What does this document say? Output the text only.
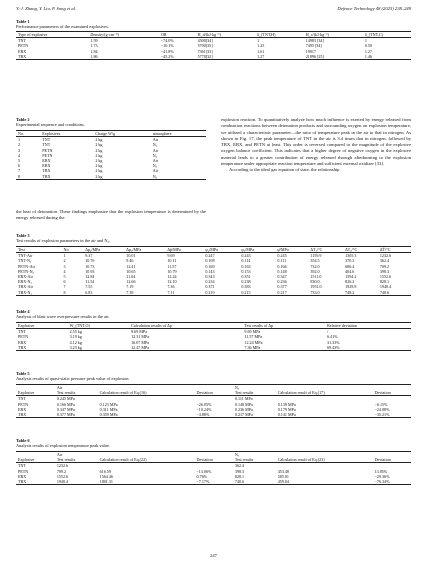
Y.-J. Zhang, Y. Liu, P. Song et al.	Defence Technology 48 (2025) 238–249
Table 1
Performance parameters of the examined explosives.
Type of explosive	Density/(g·cm⁻³)	OB	H_d/(kJ·kg⁻¹)	δ_(TNT,H)	H_c/(kJ·kg⁻¹)	δ_(TNT,C)
TNT	1.59	−74.0%	4500[34]	1	14983 [34]	1
PETN	1.73	−10.1%	5700[35]	1.25	7495 [34]	0.50
EBX	1.84	−41.8%	7361[33]	1.61	19017	1.27
TBX	1.86	−45.2%	5778[32]	1.27	21896 [25]	1.46
Table 2
Experimental sequence and conditions.
No.	Explosives	Charge W/g	atmosphere
1	TNT	2 kg	Air
2	TNT	2 kg	N₂
3	PETN	2 kg	Air
4	PETN	2 kg	N₂
5	EBX	2 kg	Air
6	EBX	2 kg	N₂
7	TBX	2 kg	Air
8	TBX	2 kg	N₂
the heat of detonation. These findings emphasize that the explosion temperature is determined by the energy released during the
explosion reaction. To quantitatively analyze how much influence is exerted by energy released from combustion reactions between detonation products and surrounding oxygen on explosion temperature, we utilized a characteristic parameter—the ratio of temperature peak in the air to that in nitrogen. As shown in Fig. 17, the peak temperature of TNT in the air is 3.4 times that in nitrogen, followed by TBX, EBX, and PETN at least. This order is reversed compared to the magnitude of the explosive oxygen balance coefficient. This indicates that a higher degree of negative oxygen in the explosive material leads to a greater contribution of energy released through afterburning to the explosion temperature under appropriate reaction temperature and sufficient external oxidizer [33].
According to the ideal gas equation of state, the relationship
Table 3
Test results of explosion parameters in the air and N₂.
Test	No.	Δp₁/MPa	Δp₂/MPa	Δp̄/MPa	φ₁/MPa	φ₂/MPa	φ̄/MPa	ΔT₁/°C	ΔT₂/°C	ΔT̄/°C
TNT-Air	1	9.37	10.01	9.69	0.247	0.243	0.245	1159.9	1305.3	1232.6
TNT-N₂	2	10.76	9.46	10.11	0.108	0.114	0.111	354.5	370.3	362.4
PETN-Air	3	10.73	12.41	11.57	0.169	0.163	0.166	732.0	686.4	709.2
PETN-N₂	4	10.93	10.65	10.79	0.143	0.153	0.148	392.0	404.6	398.3
EBX-Air	5	12.84	11.64	12.24	0.343	0.351	0.347	1511.0	1594.2	1552.6
EBX-N₂	6	11.54	12.66	12.10	0.234	0.238	0.236	830.0	826.2	828.1
TBX-Air	7	7.55	7.19	7.36	0.371	0.383	0.377	1951.0	1929.8	1940.4
TBX-N₂	8	6.83	7.39	7.11	0.219	0.215	0.217	733.0	748.2	740.6
Table 4
Analysis of blast wave overpressure results in the air.
Explosive	W_(TNT,O)	Calculation results of Δp	Test results of Δp	Relative deviation
TNT	2.55 kg	9.69 MPa	9.69 MPa	/
PETN	3.19 kg	12.31 MPa	11.57 MPa	6.41%
EBX	4.12 kg	16.07 MPa	12.24 MPa	31.33%
TBX	3.23 kg	12.47 MPa	7.36 MPa	69.43%
Table 5
Analysis results of quasi-static pressure peak value of explosion.
	Air			N₂		
Explosive	Test results	Calculation result of Eq.(16)	Deviation	Test results	Calculation result of Eq.(17)	Deviation
TNT	0.245 MPa			0.111 MPa		
PETN	0.166 MPa	0.123 MPa	−26.05%	0.148 MPa	0.139 MPa	−6.15%
EBX	0.347 MPa	0.311 MPa	−10.24%	0.236 MPa	0.179 MPa	−24.08%
TBX	0.377 MPa	0.359 MPa	−4.88%	0.217 MPa	0.141 MPa	−35.21%
Table 6
Analysis results of explosion temperature peak value.
	Air			N₂		
Explosive	Test results	Calculation result of Eq.(22)	Deviation	Test results	Calculation result of Eq.(23)	Deviation
TNT	1232.6			362.4		
PETN	709.2	616.59	−13.06%	398.3	453.48	13.85%
EBX	1552.6	1564.46	0.76%	828.1	585.01	−29.36%
TBX	1940.4	1801.31	−7.17%	740.6	459.04	−76.34%
247
